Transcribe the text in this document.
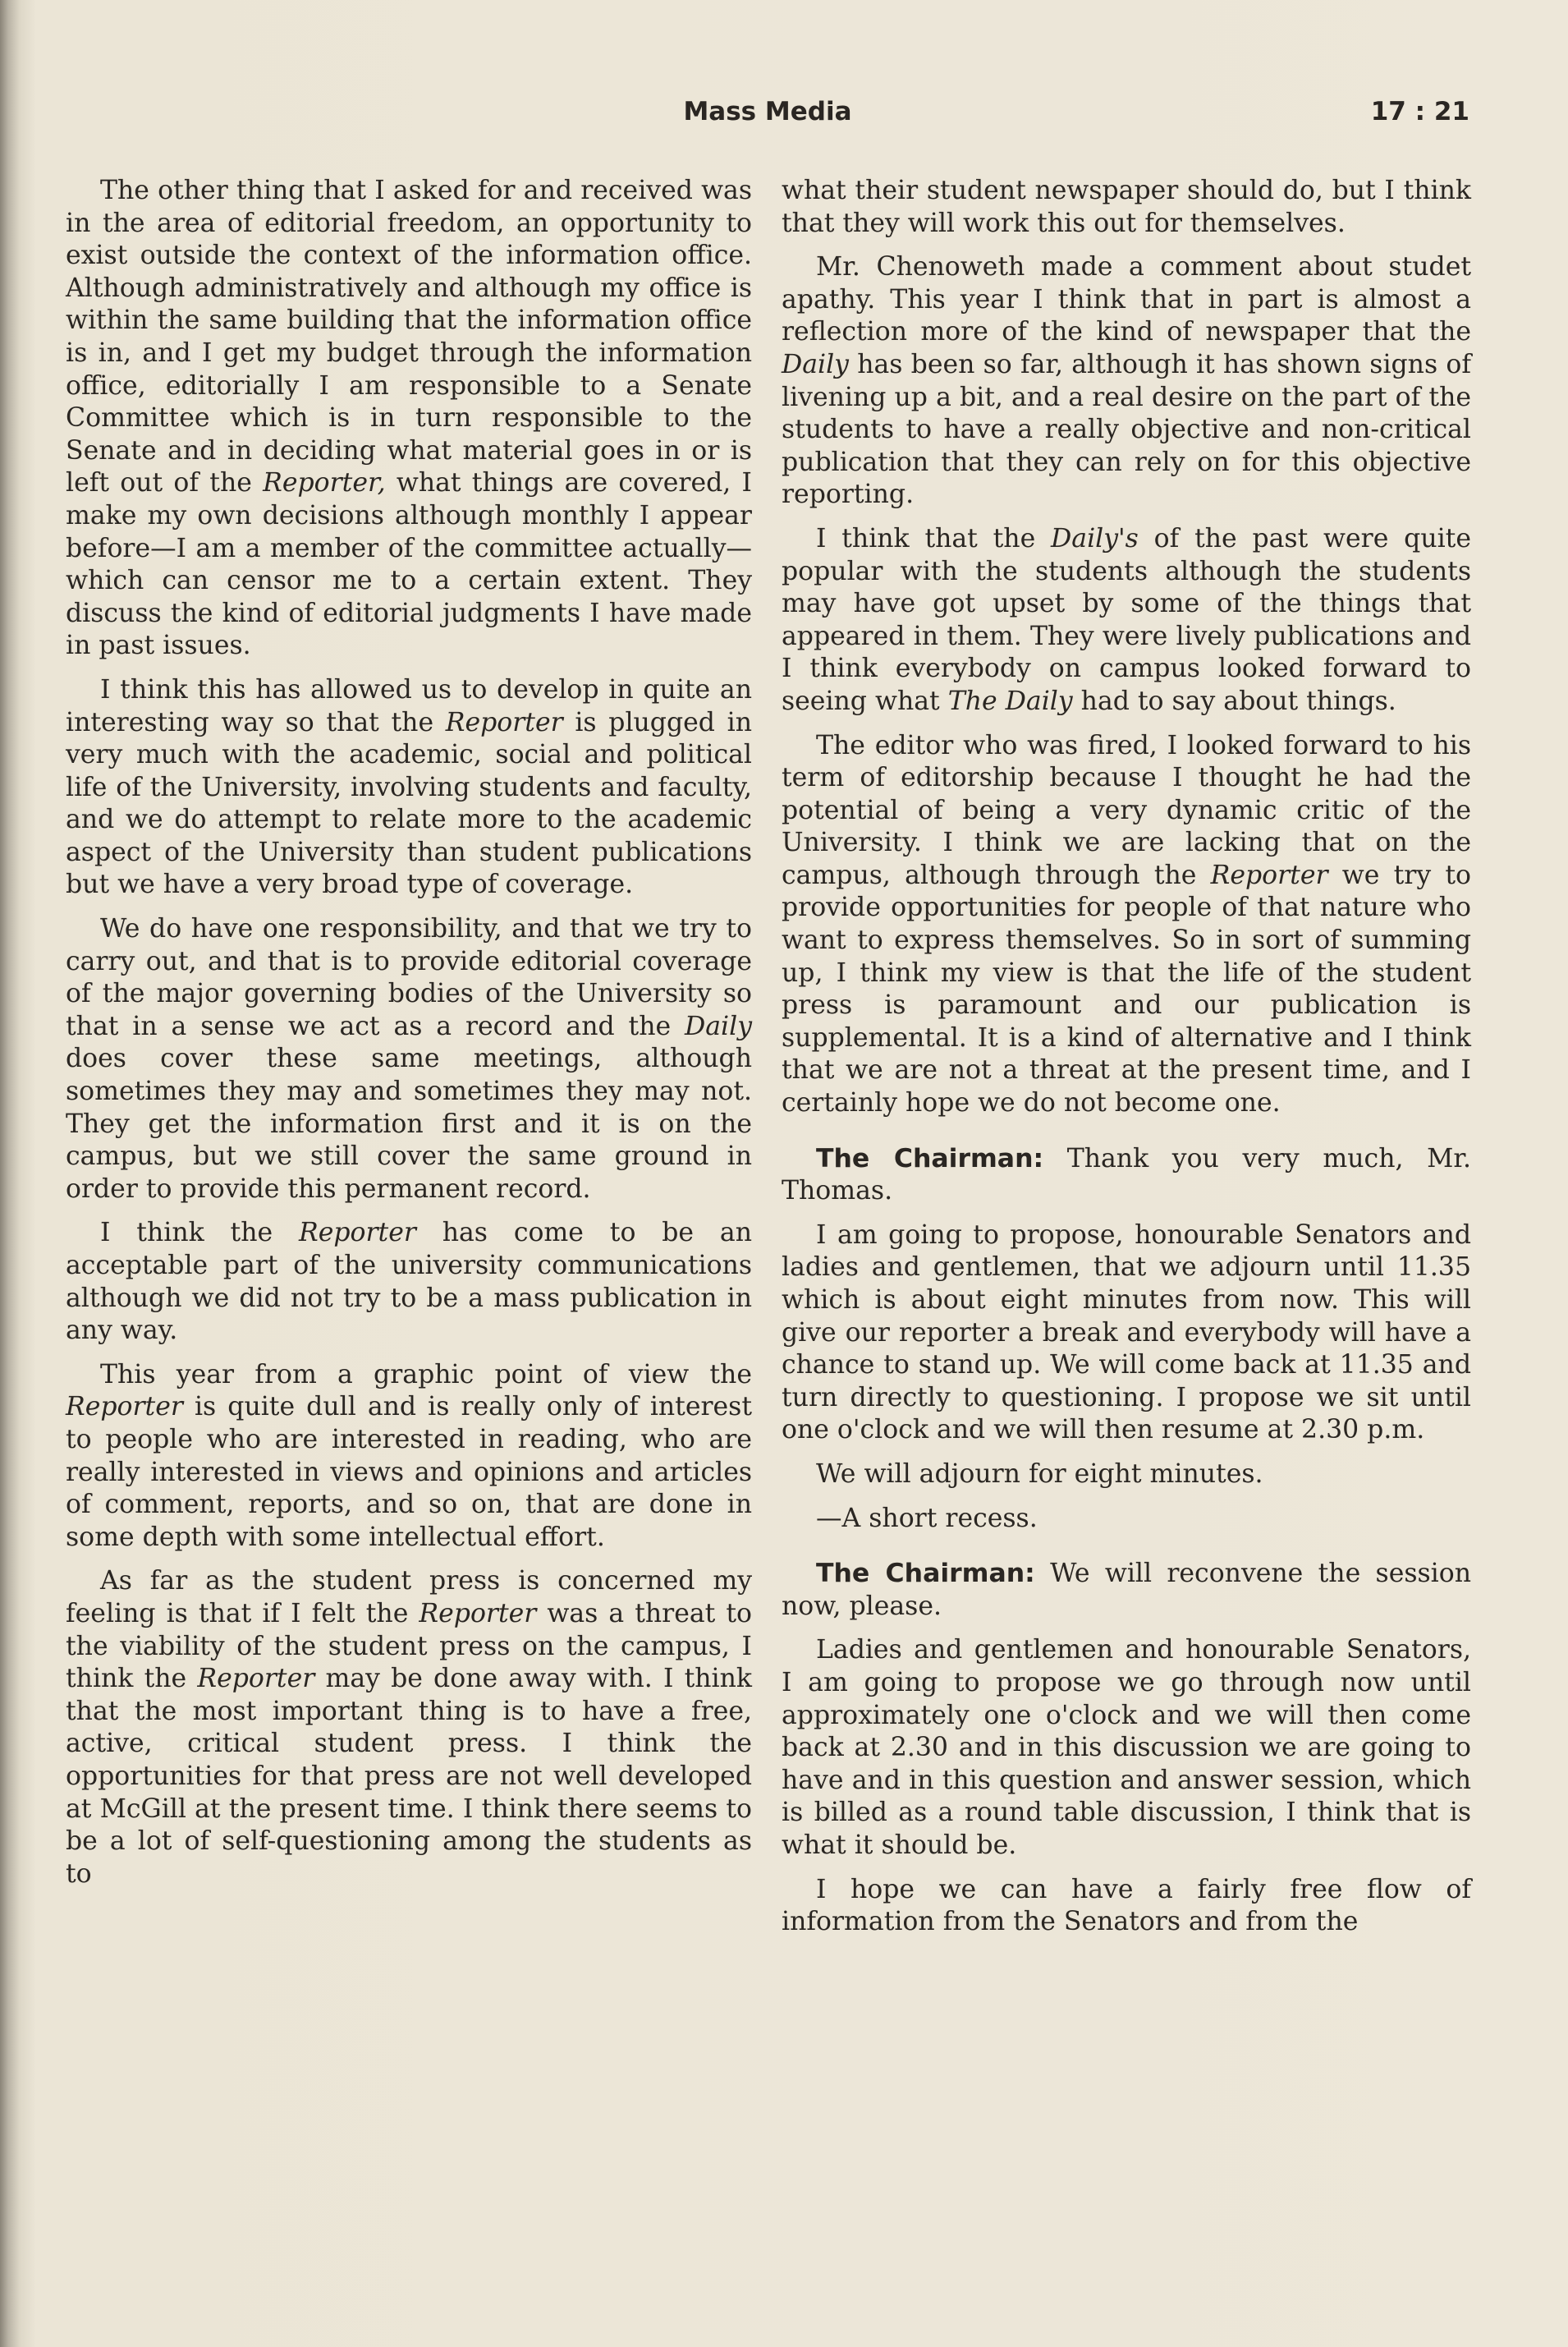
Mass Media	17 : 21

The other thing that I asked for and received was in the area of editorial freedom, an opportunity to exist outside the context of the information office. Although administratively and although my office is within the same building that the information office is in, and I get my budget through the information office, editorially I am responsible to a Senate Committee which is in turn responsible to the Senate and in deciding what material goes in or is left out of the Reporter, what things are covered, I make my own decisions although monthly I appear before—I am a member of the committee actually—which can censor me to a certain extent. They discuss the kind of editorial judgments I have made in past issues.

I think this has allowed us to develop in quite an interesting way so that the Reporter is plugged in very much with the academic, social and political life of the University, involving students and faculty, and we do attempt to relate more to the academic aspect of the University than student publications but we have a very broad type of coverage.

We do have one responsibility, and that we try to carry out, and that is to provide editorial coverage of the major governing bodies of the University so that in a sense we act as a record and the Daily does cover these same meetings, although sometimes they may and sometimes they may not. They get the information first and it is on the campus, but we still cover the same ground in order to provide this permanent record.

I think the Reporter has come to be an acceptable part of the university communications although we did not try to be a mass publication in any way.

This year from a graphic point of view the Reporter is quite dull and is really only of interest to people who are interested in reading, who are really interested in views and opinions and articles of comment, reports, and so on, that are done in some depth with some intellectual effort.

As far as the student press is concerned my feeling is that if I felt the Reporter was a threat to the viability of the student press on the campus, I think the Reporter may be done away with. I think that the most important thing is to have a free, active, critical student press. I think the opportunities for that press are not well developed at McGill at the present time. I think there seems to be a lot of self-questioning among the students as to

what their student newspaper should do, but I think that they will work this out for themselves.

Mr. Chenoweth made a comment about studet apathy. This year I think that in part is almost a reflection more of the kind of newspaper that the Daily has been so far, although it has shown signs of livening up a bit, and a real desire on the part of the students to have a really objective and non-critical publication that they can rely on for this objective reporting.

I think that the Daily's of the past were quite popular with the students although the students may have got upset by some of the things that appeared in them. They were lively publications and I think everybody on campus looked forward to seeing what The Daily had to say about things.

The editor who was fired, I looked forward to his term of editorship because I thought he had the potential of being a very dynamic critic of the University. I think we are lacking that on the campus, although through the Reporter we try to provide opportunities for people of that nature who want to express themselves. So in sort of summing up, I think my view is that the life of the student press is paramount and our publication is supplemental. It is a kind of alternative and I think that we are not a threat at the present time, and I certainly hope we do not become one.

The Chairman: Thank you very much, Mr. Thomas.

I am going to propose, honourable Senators and ladies and gentlemen, that we adjourn until 11.35 which is about eight minutes from now. This will give our reporter a break and everybody will have a chance to stand up. We will come back at 11.35 and turn directly to questioning. I propose we sit until one o'clock and we will then resume at 2.30 p.m.

We will adjourn for eight minutes.

—A short recess.

The Chairman: We will reconvene the session now, please.

Ladies and gentlemen and honourable Senators, I am going to propose we go through now until approximately one o'clock and we will then come back at 2.30 and in this discussion we are going to have and in this question and answer session, which is billed as a round table discussion, I think that is what it should be.

I hope we can have a fairly free flow of information from the Senators and from the
